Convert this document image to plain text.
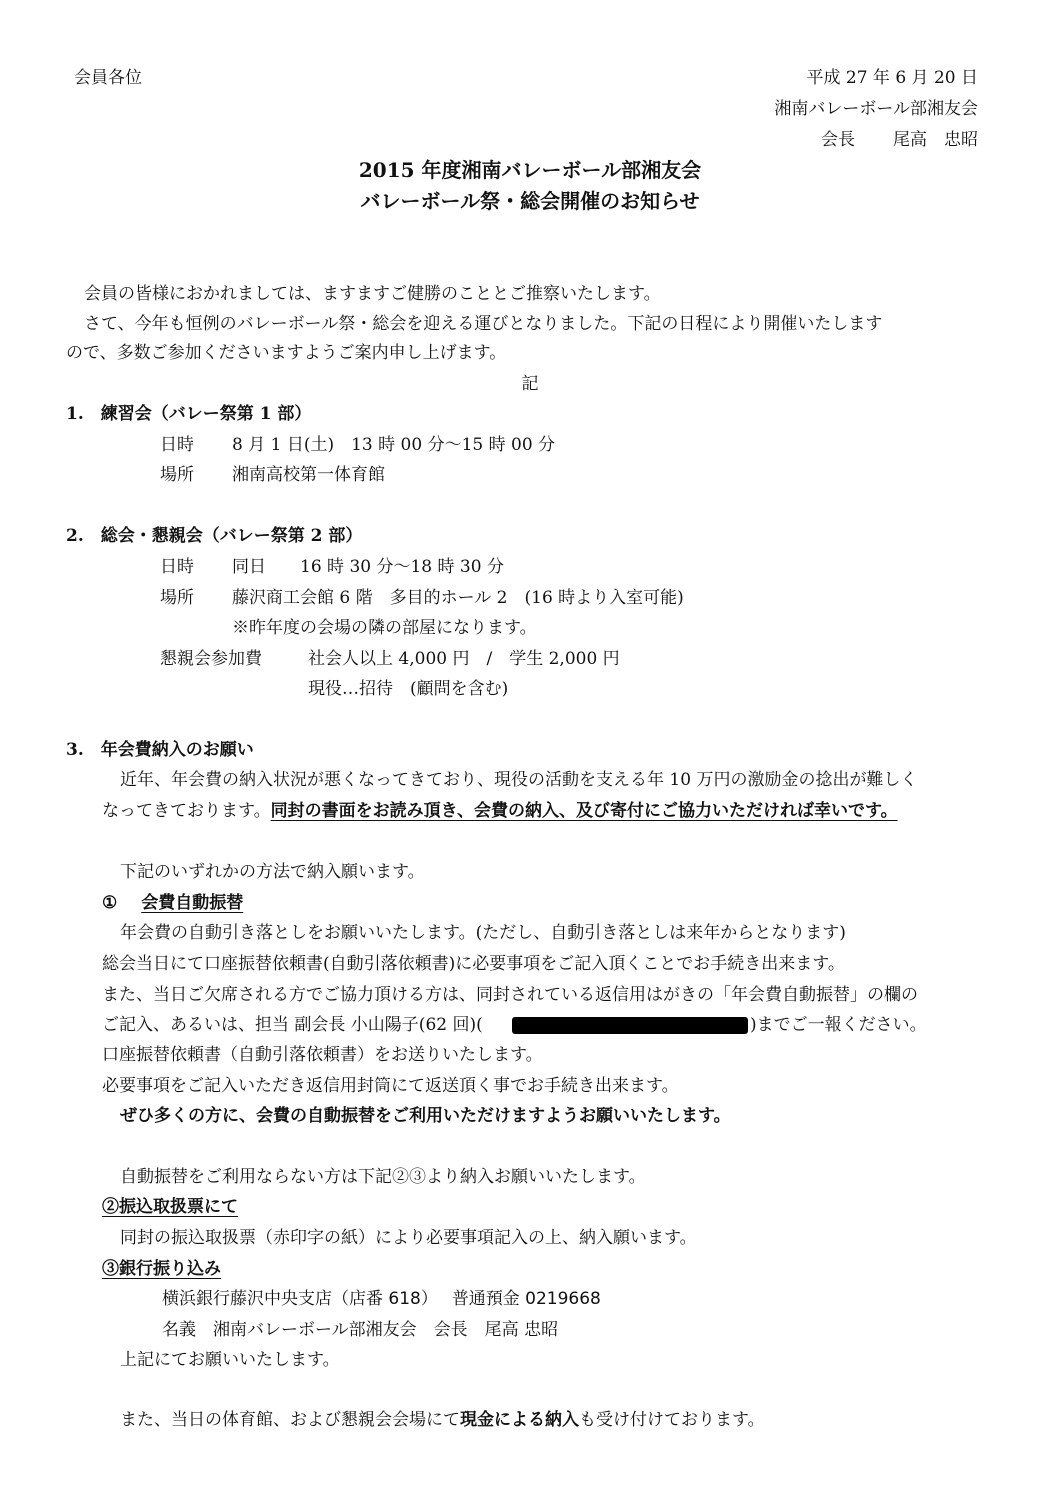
会員各位	平成 27 年 6 月 20 日
湘南バレーボール部湘友会
会長 尾高　忠昭
2015 年度湘南バレーボール部湘友会
バレーボール祭・総会開催のお知らせ
会員の皆様におかれましては、ますますご健勝のこととご推察いたします。
さて、今年も恒例のバレーボール祭・総会を迎える運びとなりました。下記の日程により開催いたします
ので、多数ご参加くださいますようご案内申し上げます。
記
1.　練習会（バレー祭第 1 部）
日時 8 月 1 日(土)　13 時 00 分～15 時 00 分
場所 湘南高校第一体育館
2.　総会・懇親会（バレー祭第 2 部）
日時 同日　　16 時 30 分～18 時 30 分
場所 藤沢商工会館 6 階　多目的ホール 2　(16 時より入室可能)
※昨年度の会場の隣の部屋になります。
懇親会参加費	社会人以上 4,000 円　/　学生 2,000 円
現役…招待　(顧問を含む)
3.　年会費納入のお願い
近年、年会費の納入状況が悪くなってきており、現役の活動を支える年 10 万円の激励金の捻出が難しく
なってきております。同封の書面をお読み頂き、会費の納入、及び寄付にご協力いただければ幸いです。
下記のいずれかの方法で納入願います。
① 会費自動振替
年会費の自動引き落としをお願いいたします。(ただし、自動引き落としは来年からとなります)
総会当日にて口座振替依頼書(自動引落依頼書)に必要事項をご記入頂くことでお手続き出来ます。
また、当日ご欠席される方でご協力頂ける方は、同封されている返信用はがきの「年会費自動振替」の欄の
ご記入、あるいは、担当 副会長 小山陽子(62 回)(	)までご一報ください。
口座振替依頼書（自動引落依頼書）をお送りいたします。
必要事項をご記入いただき返信用封筒にて返送頂く事でお手続き出来ます。
ぜひ多くの方に、会費の自動振替をご利用いただけますようお願いいたします。
自動振替をご利用ならない方は下記②③より納入お願いいたします。
②振込取扱票にて
同封の振込取扱票（赤印字の紙）により必要事項記入の上、納入願います。
③銀行振り込み
横浜銀行藤沢中央支店（店番 618）　 普通預金 0219668
名義　湘南バレーボール部湘友会　会長　尾高 忠昭
上記にてお願いいたします。
また、当日の体育館、および懇親会会場にて現金による納入も受け付けております。
